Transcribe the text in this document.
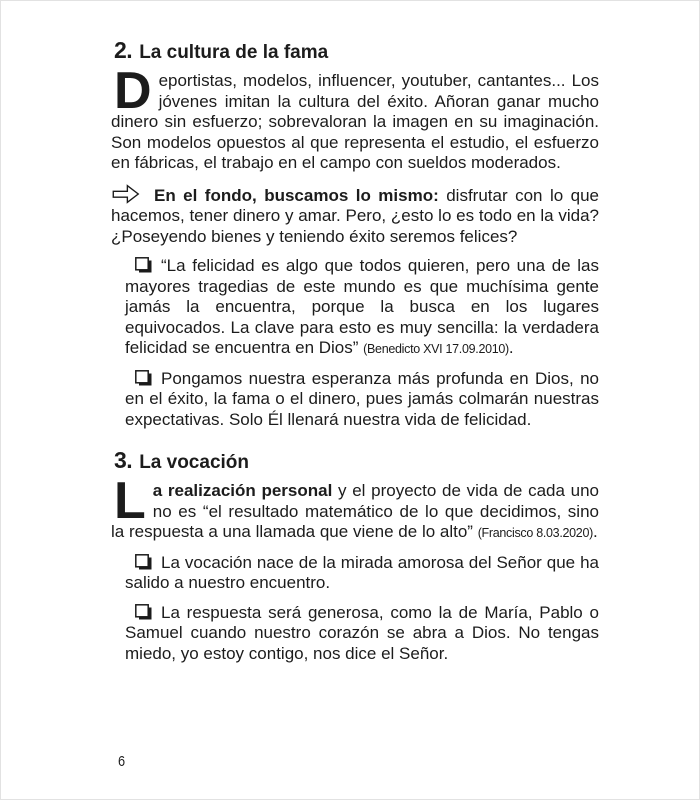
2. La cultura de la fama

Deportistas, modelos, influencer, youtuber, cantantes... Los jóvenes imitan la cultura del éxito. Añoran ganar mucho dinero sin esfuerzo; sobrevaloran la imagen en su imaginación. Son modelos opuestos al que representa el estudio, el esfuerzo en fábricas, el trabajo en el campo con sueldos moderados.

En el fondo, buscamos lo mismo: disfrutar con lo que hacemos, tener dinero y amar. Pero, ¿esto lo es todo en la vida? ¿Poseyendo bienes y teniendo éxito seremos felices?

“La felicidad es algo que todos quieren, pero una de las mayores tragedias de este mundo es que muchísima gente jamás la encuentra, porque la busca en los lugares equivocados. La clave para esto es muy sencilla: la verdadera felicidad se encuentra en Dios” (Benedicto XVI 17.09.2010).

Pongamos nuestra esperanza más profunda en Dios, no en el éxito, la fama o el dinero, pues jamás colmarán nuestras expectativas. Solo Él llenará nuestra vida de felicidad.

3. La vocación

La realización personal y el proyecto de vida de cada uno no es “el resultado matemático de lo que decidimos, sino la respuesta a una llamada que viene de lo alto” (Francisco 8.03.2020).

La vocación nace de la mirada amorosa del Señor que ha salido a nuestro encuentro.

La respuesta será generosa, como la de María, Pablo o Samuel cuando nuestro corazón se abra a Dios. No tengas miedo, yo estoy contigo, nos dice el Señor.

6
